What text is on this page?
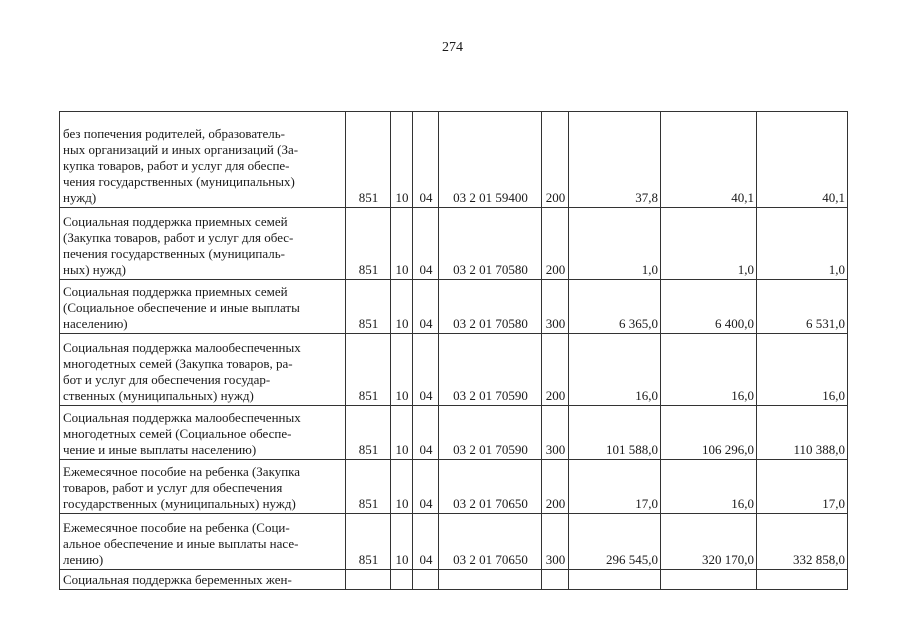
274
без попечения родителей, образователь-
ных организаций и иных организаций (За-
купка товаров, работ и услуг для обеспе-
чения государственных (муниципальных)
нужд)	851	10	04	03 2 01 59400	200	37,8	40,1	40,1

Социальная поддержка приемных семей
(Закупка товаров, работ и услуг для обес-
печения государственных (муниципаль-
ных) нужд)	851	10	04	03 2 01 70580	200	1,0	1,0	1,0

Социальная поддержка приемных семей
(Социальное обеспечение и иные выплаты
населению)	851	10	04	03 2 01 70580	300	6 365,0	6 400,0	6 531,0

Социальная поддержка малообеспеченных
многодетных семей (Закупка товаров, ра-
бот и услуг для обеспечения государ-
ственных (муниципальных) нужд)	851	10	04	03 2 01 70590	200	16,0	16,0	16,0

Социальная поддержка малообеспеченных
многодетных семей (Социальное обеспе-
чение и иные выплаты населению)	851	10	04	03 2 01 70590	300	101 588,0	106 296,0	110 388,0

Ежемесячное пособие на ребенка (Закупка
товаров, работ и услуг для обеспечения
государственных (муниципальных) нужд)	851	10	04	03 2 01 70650	200	17,0	16,0	17,0

Ежемесячное пособие на ребенка (Соци-
альное обеспечение и иные выплаты насе-
лению)	851	10	04	03 2 01 70650	300	296 545,0	320 170,0	332 858,0

Социальная поддержка беременных жен-								
